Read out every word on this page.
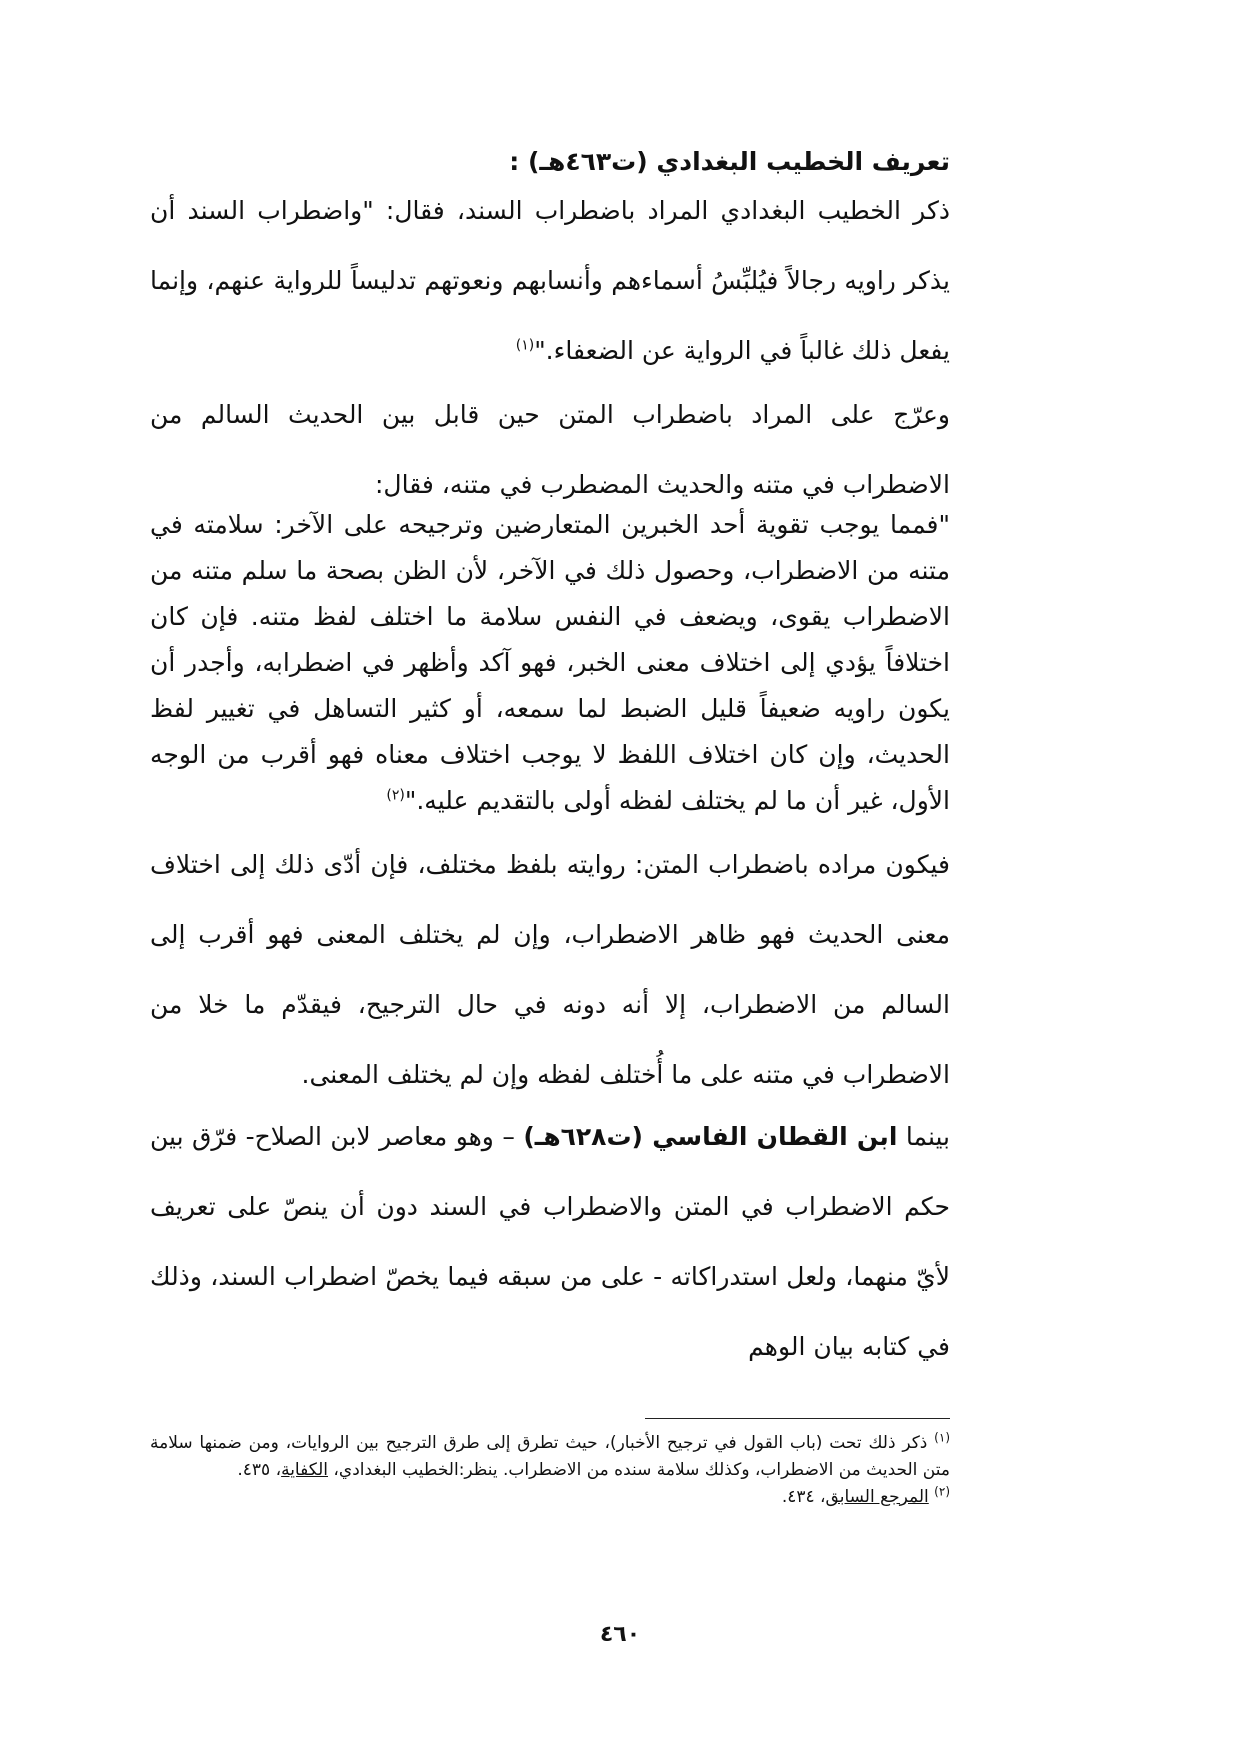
تعريف الخطيب البغدادي (ت٤٦٣هـ) :

ذكر الخطيب البغدادي المراد باضطراب السند، فقال: "واضطراب السند أن يذكر راويه رجالاً فيُلبِّسُ أسماءهم وأنسابهم ونعوتهم تدليساً للرواية عنهم، وإنما يفعل ذلك غالباً في الرواية عن الضعفاء."$^{(١)}$

وعرّج على المراد باضطراب المتن حين قابل بين الحديث السالم من الاضطراب في متنه والحديث المضطرب في متنه، فقال:

"فمما يوجب تقوية أحد الخبرين المتعارضين وترجيحه على الآخر: سلامته في متنه من الاضطراب، وحصول ذلك في الآخر، لأن الظن بصحة ما سلم متنه من الاضطراب يقوى، ويضعف في النفس سلامة ما اختلف لفظ متنه. فإن كان اختلافاً يؤدي إلى اختلاف معنى الخبر، فهو آكد وأظهر في اضطرابه، وأجدر أن يكون راويه ضعيفاً قليل الضبط لما سمعه، أو كثير التساهل في تغيير لفظ الحديث، وإن كان اختلاف اللفظ لا يوجب اختلاف معناه فهو أقرب من الوجه الأول، غير أن ما لم يختلف لفظه أولى بالتقديم عليه."$^{(٢)}$

فيكون مراده باضطراب المتن: روايته بلفظ مختلف، فإن أدّى ذلك إلى اختلاف معنى الحديث فهو ظاهر الاضطراب، وإن لم يختلف المعنى فهو أقرب إلى السالم من الاضطراب، إلا أنه دونه في حال الترجيح، فيقدّم ما خلا من الاضطراب في متنه على ما أُختلف لفظه وإن لم يختلف المعنى.

بينما ابن القطان الفاسي (ت٦٢٨هـ) – وهو معاصر لابن الصلاح- فرّق بين حكم الاضطراب في المتن والاضطراب في السند دون أن ينصّ على تعريف لأيّ منهما، ولعل استدراكاته - على من سبقه فيما يخصّ اضطراب السند، وذلك في كتابه بيان الوهم

$^{(١)}$ ذكر ذلك تحت (باب القول في ترجيح الأخبار)، حيث تطرق إلى طرق الترجيح بين الروايات، ومن ضمنها سلامة متن الحديث من الاضطراب، وكذلك سلامة سنده من الاضطراب. ينظر:الخطيب البغدادي، الكفاية، ٤٣٥.

$^{(٢)}$ المرجع السابق، ٤٣٤.

٤٦٠
